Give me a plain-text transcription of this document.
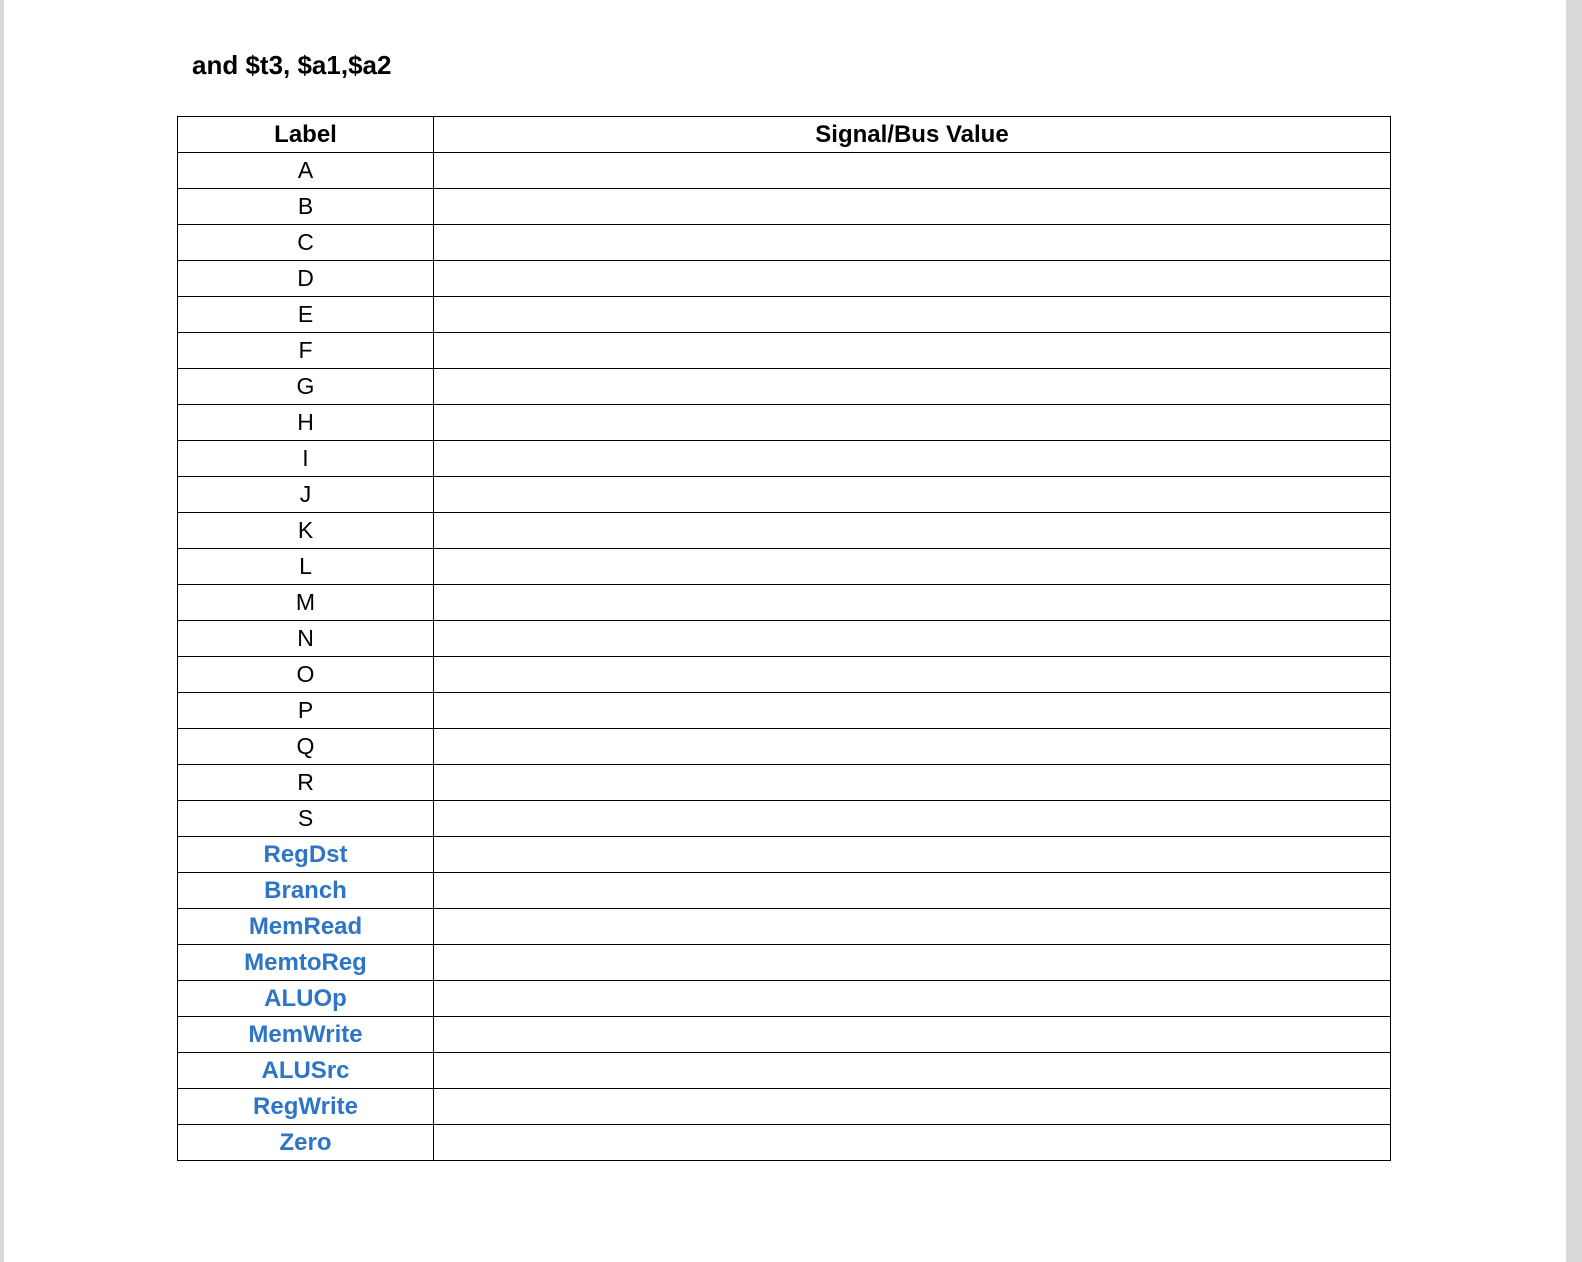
and $t3, $a1,$a2

Label	Signal/Bus Value
A	
B	
C	
D	
E	
F	
G	
H	
I	
J	
K	
L	
M	
N	
O	
P	
Q	
R	
S	
RegDst	
Branch	
MemRead	
MemtoReg	
ALUOp	
MemWrite	
ALUSrc	
RegWrite	
Zero	
